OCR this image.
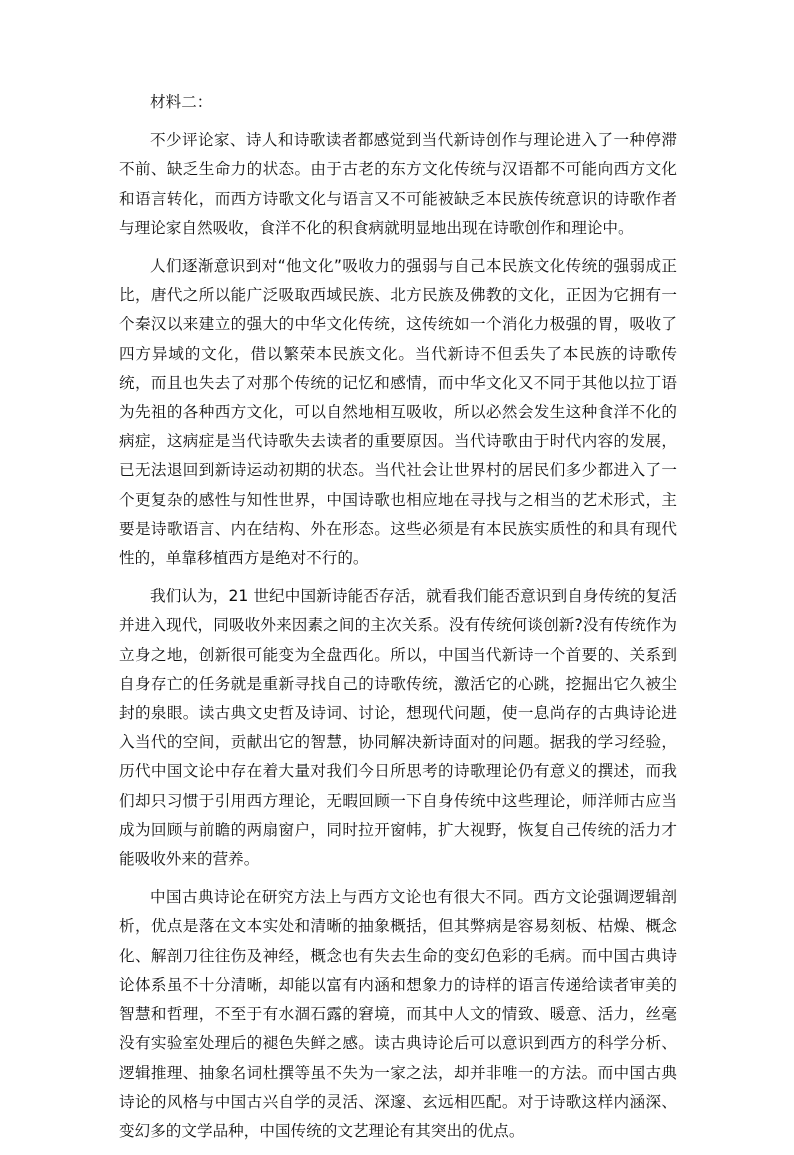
材料二：

不少评论家、诗人和诗歌读者都感觉到当代新诗创作与理论进入了一种停滞不前、缺乏生命力的状态。由于古老的东方文化传统与汉语都不可能向西方文化和语言转化，而西方诗歌文化与语言又不可能被缺乏本民族传统意识的诗歌作者与理论家自然吸收，食洋不化的积食病就明显地出现在诗歌创作和理论中。

人们逐渐意识到对“他文化”吸收力的强弱与自己本民族文化传统的强弱成正比，唐代之所以能广泛吸取西域民族、北方民族及佛教的文化，正因为它拥有一个秦汉以来建立的强大的中华文化传统，这传统如一个消化力极强的胃，吸收了四方异域的文化，借以繁荣本民族文化。当代新诗不但丢失了本民族的诗歌传统，而且也失去了对那个传统的记忆和感情，而中华文化又不同于其他以拉丁语为先祖的各种西方文化，可以自然地相互吸收，所以必然会发生这种食洋不化的病症，这病症是当代诗歌失去读者的重要原因。当代诗歌由于时代内容的发展，已无法退回到新诗运动初期的状态。当代社会让世界村的居民们多少都进入了一个更复杂的感性与知性世界，中国诗歌也相应地在寻找与之相当的艺术形式，主要是诗歌语言、内在结构、外在形态。这些必须是有本民族实质性的和具有现代性的，单靠移植西方是绝对不行的。

我们认为，21 世纪中国新诗能否存活，就看我们能否意识到自身传统的复活并进入现代，同吸收外来因素之间的主次关系。没有传统何谈创新?没有传统作为立身之地，创新很可能变为全盘西化。所以，中国当代新诗一个首要的、关系到自身存亡的任务就是重新寻找自己的诗歌传统，激活它的心跳，挖掘出它久被尘封的泉眼。读古典文史哲及诗词、讨论，想现代问题，使一息尚存的古典诗论进入当代的空间，贡献出它的智慧，协同解决新诗面对的问题。据我的学习经验，历代中国文论中存在着大量对我们今日所思考的诗歌理论仍有意义的撰述，而我们却只习惯于引用西方理论，无暇回顾一下自身传统中这些理论，师洋师古应当成为回顾与前瞻的两扇窗户，同时拉开窗帏，扩大视野，恢复自己传统的活力才能吸收外来的营养。

中国古典诗论在研究方法上与西方文论也有很大不同。西方文论强调逻辑剖析，优点是落在文本实处和清晰的抽象概括，但其弊病是容易刻板、枯燥、概念化、解剖刀往往伤及神经，概念也有失去生命的变幻色彩的毛病。而中国古典诗论体系虽不十分清晰，却能以富有内涵和想象力的诗样的语言传递给读者审美的智慧和哲理，不至于有水涸石露的窘境，而其中人文的情致、暖意、活力，丝毫没有实验室处理后的褪色失鲜之感。读古典诗论后可以意识到西方的科学分析、逻辑推理、抽象名词杜撰等虽不失为一家之法，却并非唯一的方法。而中国古典诗论的风格与中国古兴自学的灵活、深邃、玄远相匹配。对于诗歌这样内涵深、变幻多的文学品种，中国传统的文艺理论有其突出的优点。
